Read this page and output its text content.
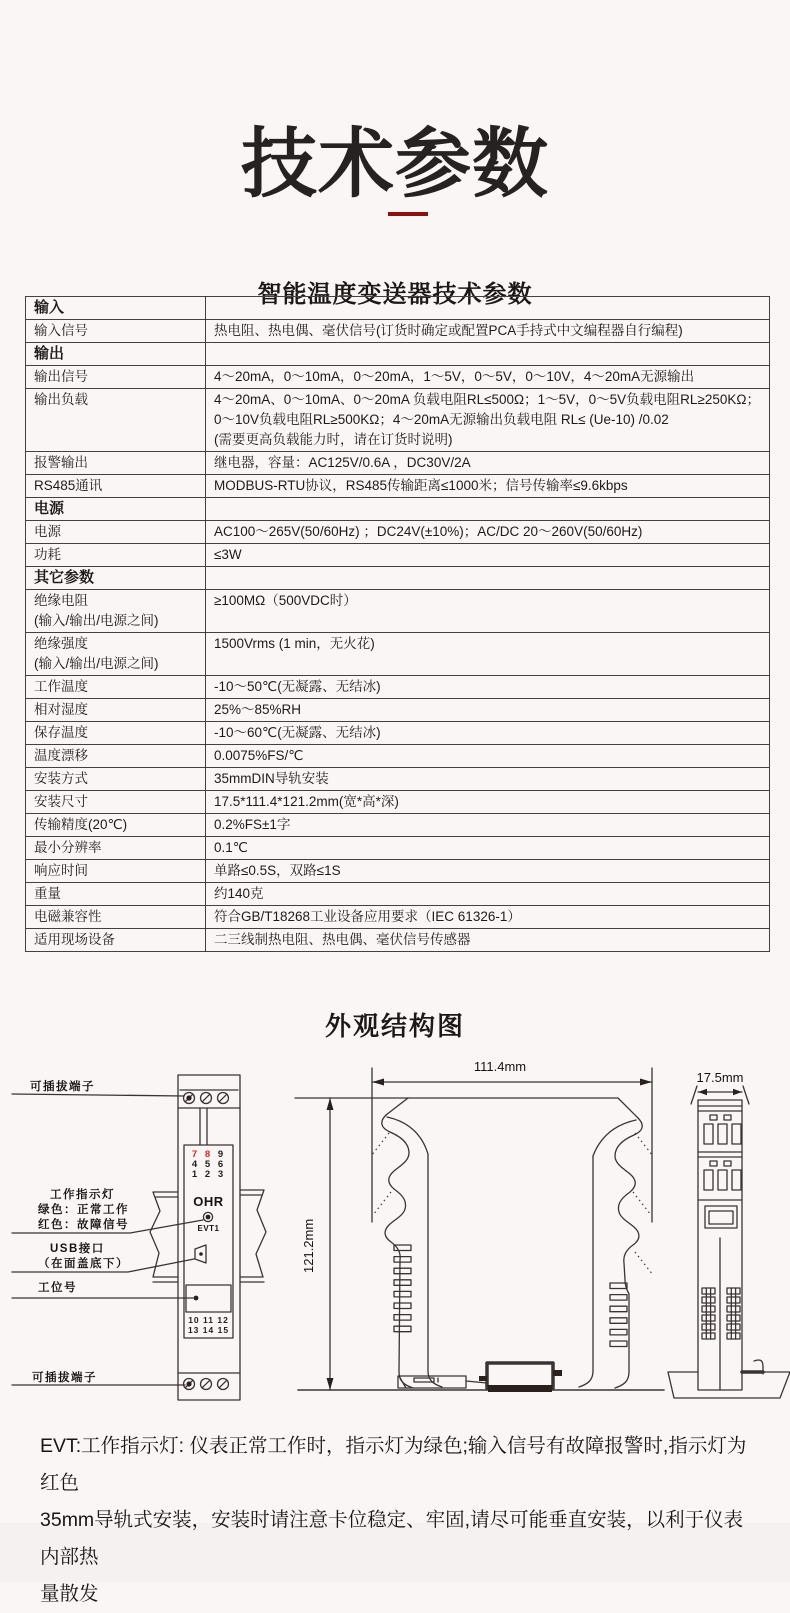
技术参数
智能温度变送器技术参数
输入	

输入信号	热电阻、热电偶、毫伏信号(订货时确定或配置PCA手持式中文编程器自行编程)

输出	

输出信号	4～20mA，0～10mA，0～20mA，1～5V，0～5V，0～10V，4～20mA无源输出

输出负载	4～20mA、0～10mA、0～20mA 负载电阻RL≤500Ω；1～5V，0～5V负载电阻RL≥250KΩ；
0～10V负载电阻RL≥500KΩ；4～20mA无源输出负载电阻 RL≤ (Ue-10) /0.02
(需要更高负载能力时，请在订货时说明)

报警输出	继电器，容量：AC125V/0.6A ，DC30V/2A

RS485通讯	MODBUS-RTU协议，RS485传输距离≤1000米；信号传输率≤9.6kbps

电源	

电源	AC100～265V(50/60Hz) ；DC24V(±10%)；AC/DC 20～260V(50/60Hz)

功耗	≤3W

其它参数	

绝缘电阻
(输入/输出/电源之间)	≥100MΩ（500VDC时）

绝缘强度
(输入/输出/电源之间)	1500Vrms (1 min，无火花)

工作温度	-10～50℃(无凝露、无结冰)

相对湿度	25%～85%RH

保存温度	-10～60℃(无凝露、无结冰)

温度漂移	0.0075%FS/℃

安装方式	35mmDIN导轨安装

安装尺寸	17.5*111.4*121.2mm(宽*高*深)

传输精度(20℃)	0.2%FS±1字

最小分辨率	0.1℃

响应时间	单路≤0.5S，双路≤1S

重量	约140克

电磁兼容性	符合GB/T18268工业设备应用要求（IEC 61326-1）

适用现场设备	二三线制热电阻、热电偶、毫伏信号传感器
外观结构图
可插拔端子
工作指示灯
绿色：正常工作
红色：故障信号
USB接口
（在面盖底下）
工位号
可插拔端子
OHR
EVT1
7 8 9
4 5 6
1 2 3
10 11 12
13 14 15
111.4mm
121.2mm
17.5mm
EVT:工作指示灯: 仪表正常工作时，指示灯为绿色;输入信号有故障报警时,指示灯为红色
35mm导轨式安装，安装时请注意卡位稳定、牢固,请尽可能垂直安装，以利于仪表内部热
量散发
